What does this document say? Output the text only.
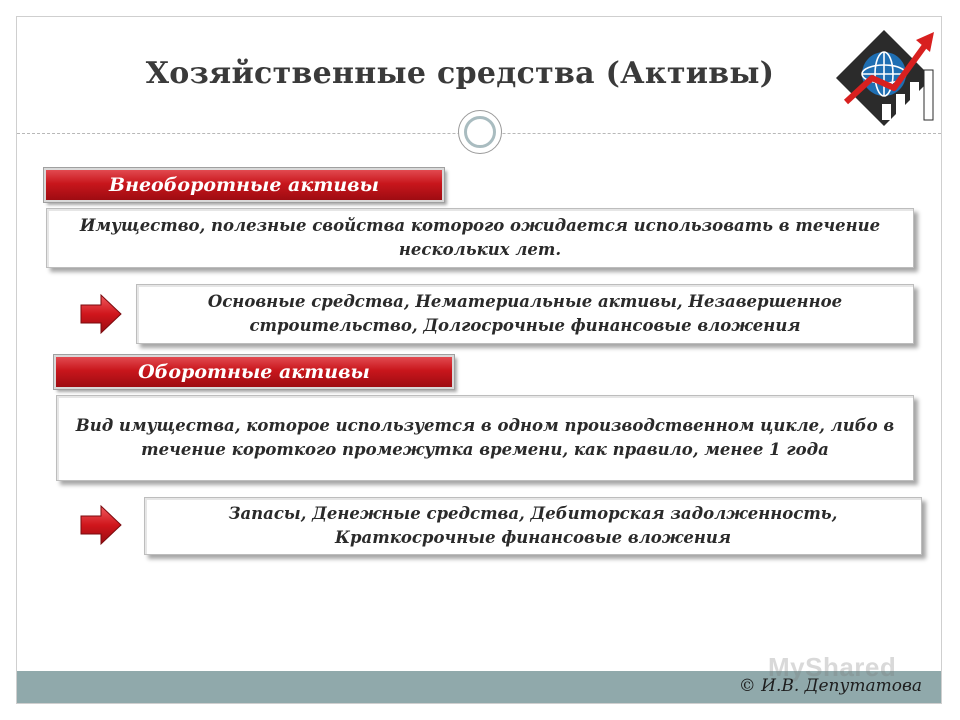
Хозяйственные средства (Активы)
Внеоборотные активы
Имущество, полезные свойства которого ожидается использовать в течение нескольких лет.
Основные средства, Нематериальные активы, Незавершенное строительство, Долгосрочные финансовые вложения
Оборотные активы
Вид имущества, которое используется в одном производственном цикле, либо в течение короткого промежутка времени, как правило, менее 1 года
Запасы, Денежные средства, Дебиторская задолженность, Краткосрочные финансовые вложения
MyShared
© И.В. Депутатова
